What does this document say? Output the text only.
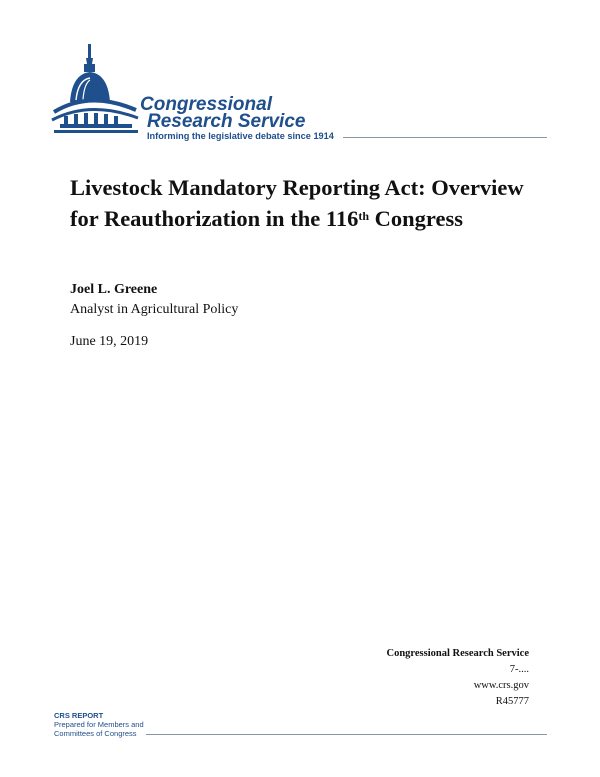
Congressional
Research Service
Informing the legislative debate since 1914
Livestock Mandatory Reporting Act: Overview for Reauthorization in the 116th Congress
Joel L. Greene
Analyst in Agricultural Policy
June 19, 2019
Congressional Research Service
7-....
www.crs.gov
R45777
CRS REPORT
Prepared for Members and
Committees of Congress
